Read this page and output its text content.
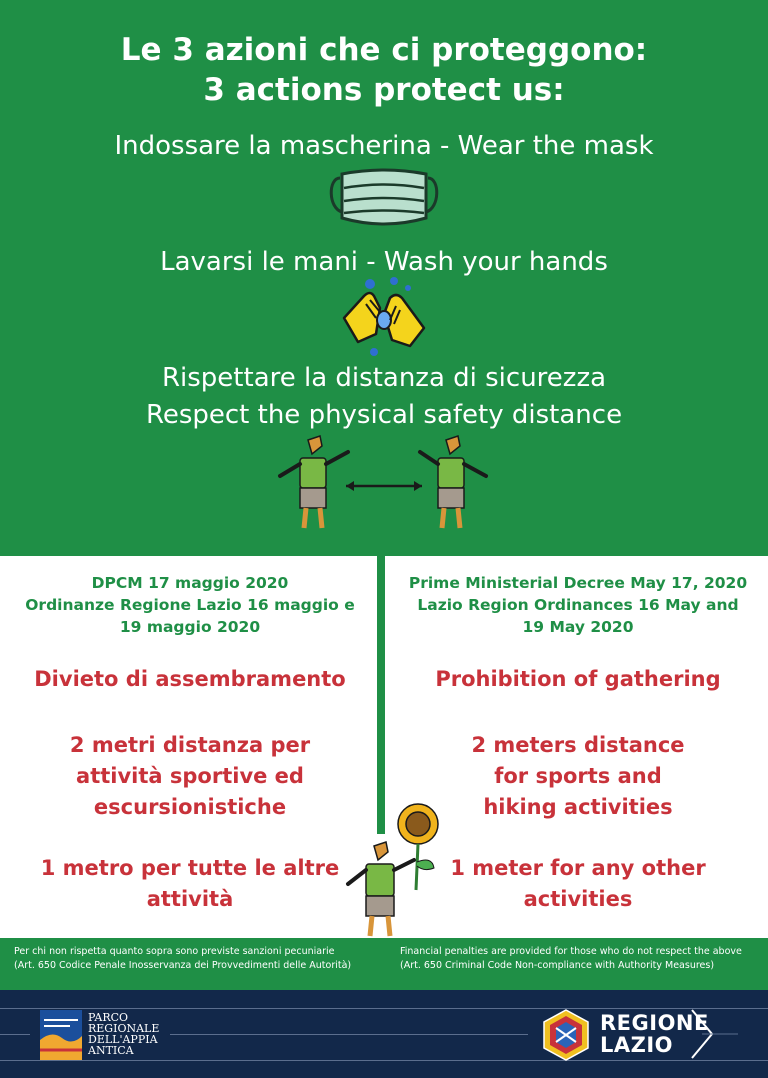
Le 3 azioni che ci proteggono:
3 actions protect us:
Indossare la mascherina - Wear the mask
Lavarsi le mani - Wash your hands
Rispettare la distanza di sicurezza
Respect the physical safety distance
DPCM 17 maggio 2020
Ordinanze Regione Lazio 16 maggio e
19 maggio 2020
Divieto di assembramento
2 metri distanza per
attività sportive ed
escursionistiche
1 metro per tutte le altre
attività
Prime Ministerial Decree May 17, 2020
Lazio Region Ordinances 16 May and
19 May 2020
Prohibition of gathering
2 meters distance
for sports and
hiking activities
1 meter for any other
activities
Per chi non rispetta quanto sopra sono previste sanzioni pecuniarie
(Art. 650 Codice Penale Inosservanza dei Provvedimenti delle Autorità)
Financial penalties are provided for those who do not respect the above
(Art. 650 Criminal Code Non-compliance with Authority Measures)
PARCO
REGIONALE
DELL'APPIA
ANTICA
REGIONE
LAZIO
